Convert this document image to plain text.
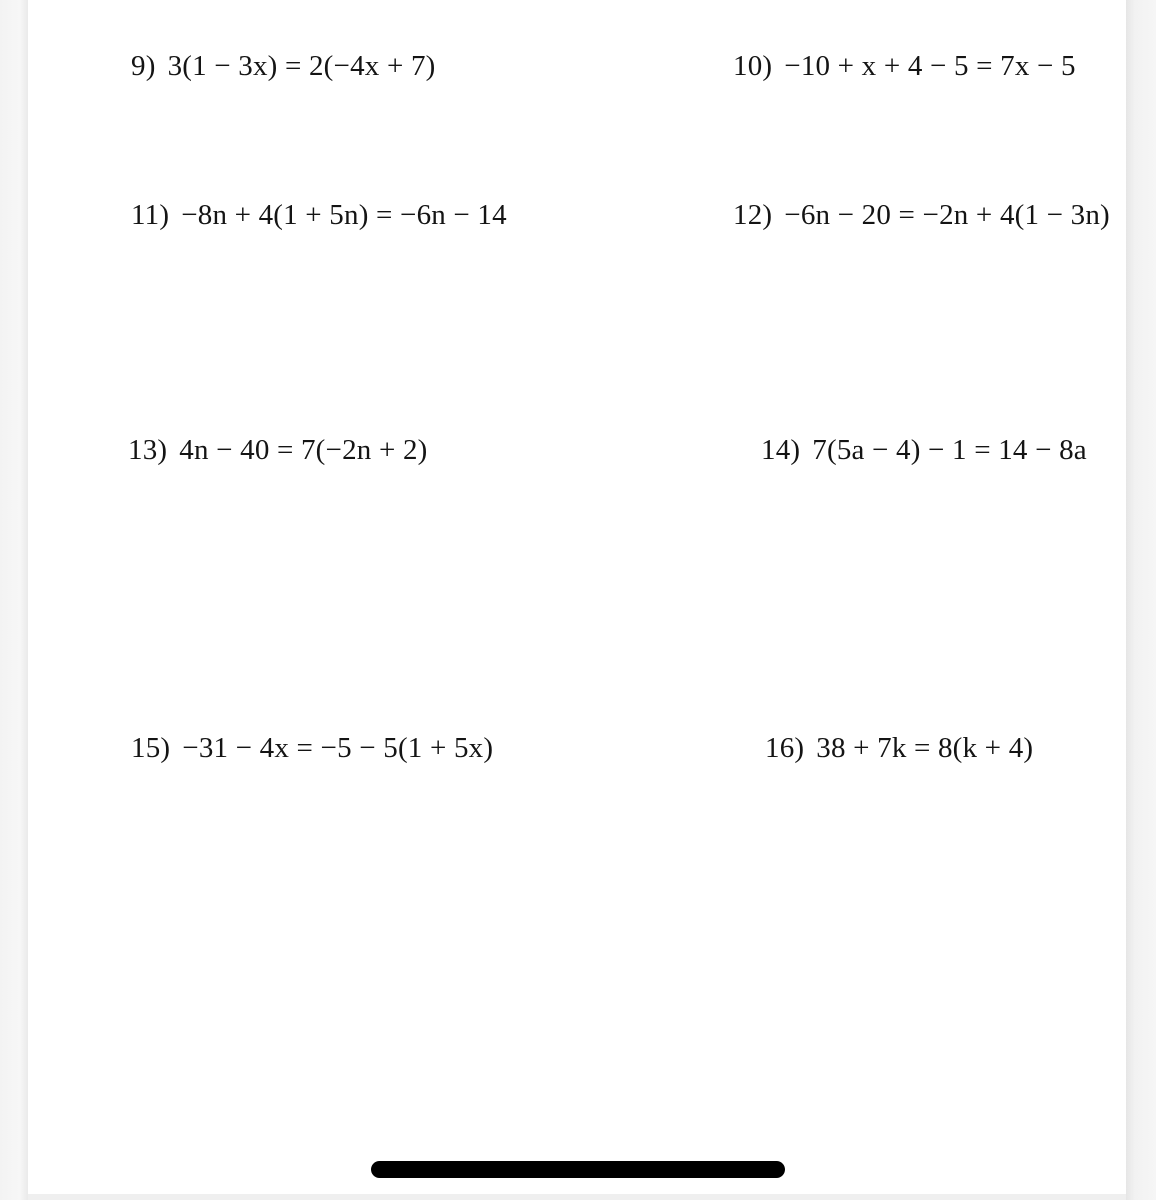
9) 3(1 − 3x) = 2(−4x + 7)	10) −10 + x + 4 − 5 = 7x − 5
11) −8n + 4(1 + 5n) = −6n − 14	12) −6n − 20 = −2n + 4(1 − 3n)
13) 4n − 40 = 7(−2n + 2)	14) 7(5a − 4) − 1 = 14 − 8a
15) −31 − 4x = −5 − 5(1 + 5x)	16) 38 + 7k = 8(k + 4)
